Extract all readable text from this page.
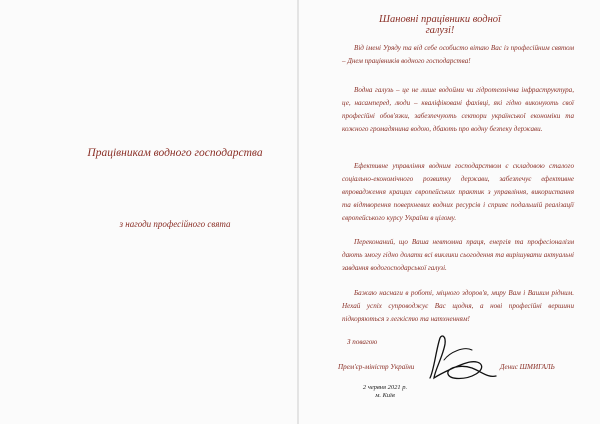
Працівникам водного господарства
з нагоди професійного свята
Шановні працівники водної галузі!

Від імені Уряду та від себе особисто вітаю Вас із професійним святом – Днем працівників водного господарства!

Водна галузь – це не лише водойми чи гідротехнічна інфраструктура, це, насамперед, люди – кваліфіковані фахівці, які гідно виконують свої професійні обов'язки, забезпечують сектори української економіки та кожного громадянина водою, дбають про водну безпеку держави.

Ефективне управління водним господарством є складовою сталого соціально-економічного розвитку держави, забезпечує ефективне впровадження кращих європейських практик з управління, використання та відтворення поверхневих водних ресурсів і сприяє подальшій реалізації європейського курсу України в цілому.

Переконаний, що Ваша невтомна праця, енергія та професіоналізм дають змогу гідно долати всі виклики сьогодення та вирішувати актуальні завдання водогосподарської галузі.

Бажаю наснаги в роботі, міцного здоров'я, миру Вам і Вашим рідним. Нехай успіх супроводжує Вас щодня, а нові професійні вершини підкоряються з легкістю та натхненням!

З повагою
Прем'єр-міністр України	Денис ШМИГАЛЬ
2 червня 2021 р.
м. Київ
